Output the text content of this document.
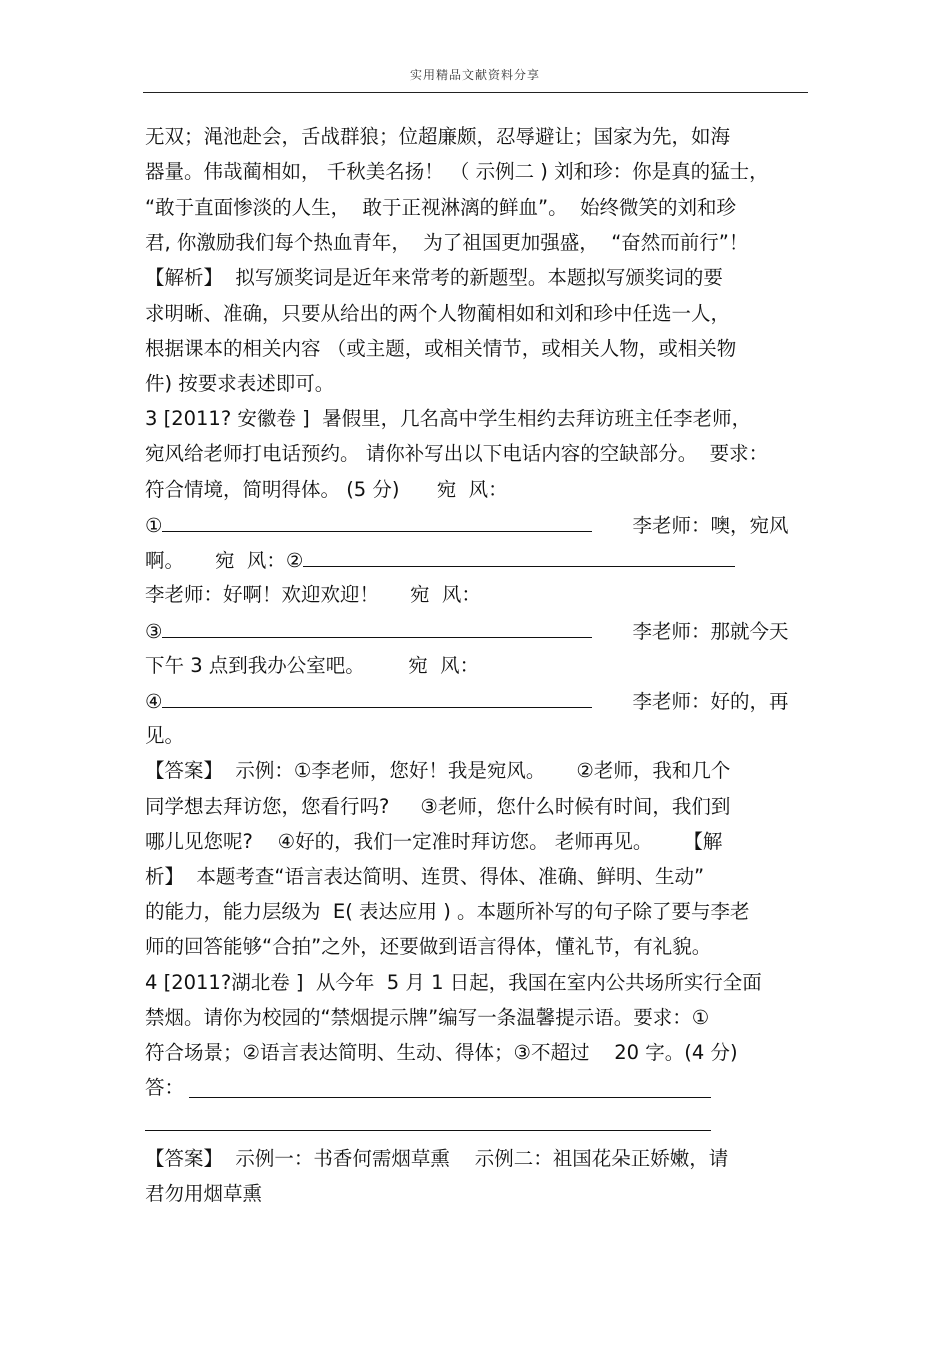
实用精品文献资料分享
无双；渑池赴会，舌战群狼；位超廉颇，忍辱避让；国家为先，如海
器量。伟哉蔺相如， 千秋美名扬！ （ 示例二 ) 刘和珍：你是真的猛士，
“敢于直面惨淡的人生，  敢于正视淋漓的鲜血”。  始终微笑的刘和珍
君, 你激励我们每个热血青年，  为了祖国更加强盛，  “奋然而前行”！
【解析】  拟写颁奖词是近年来常考的新题型。本题拟写颁奖词的要
求明晰、准确，只要从给出的两个人物蔺相如和刘和珍中任选一人，
根据课本的相关内容 （或主题，或相关情节，或相关人物，或相关物
件) 按要求表述即可。
3 [2011? 安徽卷 ]  暑假里，几名高中学生相约去拜访班主任李老师，
宛风给老师打电话预约。 请你补写出以下电话内容的空缺部分。  要求：
符合情境，简明得体。 (5 分)      宛  风：
①	李老师：噢，宛风
啊。     宛  风：②
李老师：好啊！欢迎欢迎！     宛  风：
③	李老师：那就今天
下午 3 点到我办公室吧。       宛  风：
④	李老师：好的，再
见。
【答案】  示例：①李老师，您好！我是宛风。     ②老师，我和几个
同学想去拜访您，您看行吗?     ③老师，您什么时候有时间，我们到
哪儿见您呢?    ④好的，我们一定准时拜访您。 老师再见。     【解
析】  本题考查“语言表达简明、连贯、得体、准确、鲜明、生动”
的能力，能力层级为  E( 表达应用 ) 。本题所补写的句子除了要与李老
师的回答能够“合拍”之外，还要做到语言得体，懂礼节，有礼貌。
4 [2011?湖北卷 ]  从今年  5 月 1 日起，我国在室内公共场所实行全面
禁烟。请你为校园的“禁烟提示牌”编写一条温馨提示语。要求：①
符合场景；②语言表达简明、生动、得体；③不超过    20 字。(4 分)
答：
【答案】  示例一：书香何需烟草熏    示例二：祖国花朵正娇嫩，请
君勿用烟草熏
